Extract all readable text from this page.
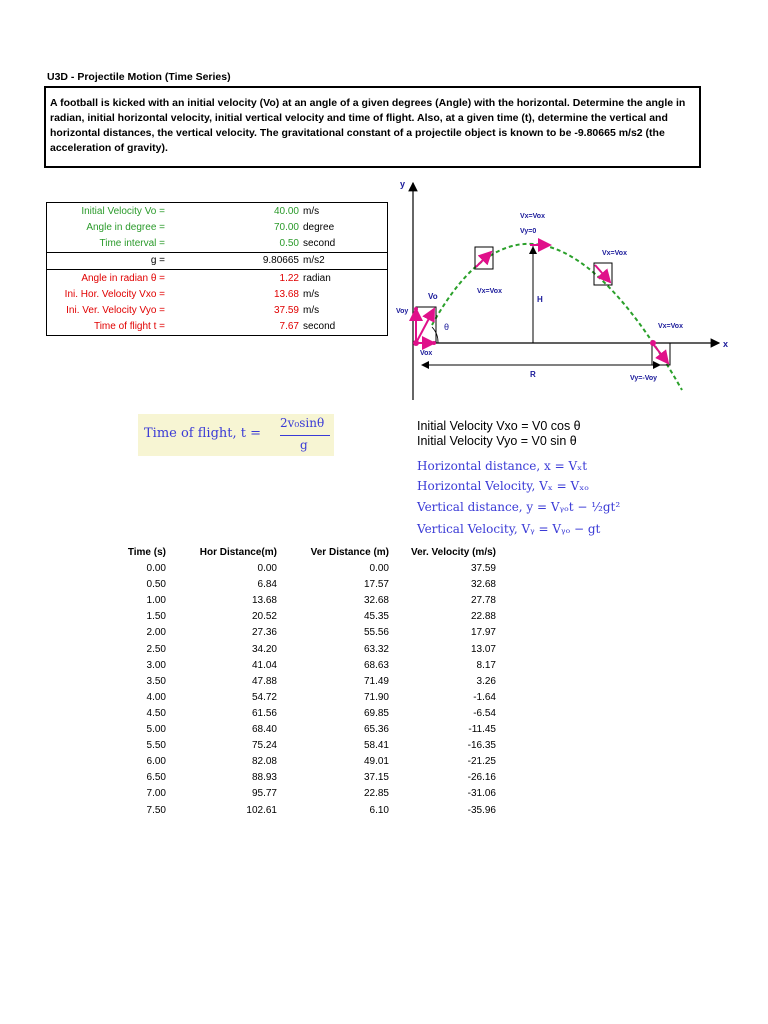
U3D - Projectile Motion (Time Series)
A football is kicked with an initial velocity (Vo) at an angle of a given degrees (Angle) with the horizontal. Determine the angle in radian, initial horizontal velocity, initial vertical velocity and time of flight. Also, at a given time (t), determine the vertical and horizontal distances, the vertical velocity. The gravitational constant of a projectile object is known to be -9.80665 m/s2 (the acceleration of gravity).
Initial Velocity Vo =	40.00 m/s
Angle in degree =	70.00 degree
Time interval =	0.50 second
g =	9.80665 m/s2
Angle in radian θ =	1.22 radian
Ini. Hor. Velocity Vxo =	13.68 m/s
Ini. Ver. Velocity Vyo =	37.59 m/s
Time of flight t =	7.67 second
y
x
H
R
Vo
Voy
Vox
θ
Vx=Vox
Vx=Vox
Vy=0
Vx=Vox
Vx=Vox
Vy=-Voy
Time of flight, t =
2v₀sinθ
g
Initial Velocity Vxo = V0 cos θ
Initial Velocity Vyo = V0 sin θ
Horizontal distance, x = Vₓt
Horizontal Velocity, Vₓ = Vₓₒ
Vertical distance, y = Vᵧₒt − ½gt²
Vertical Velocity, Vᵧ = Vᵧₒ − gt
Time (s)	Hor Distance(m)	Ver Distance (m) Ver. Velocity (m/s)
0.00	0.00	0.00	37.59
0.50	6.84	17.57	32.68
1.00	13.68	32.68	27.78
1.50	20.52	45.35	22.88
2.00	27.36	55.56	17.97
2.50	34.20	63.32	13.07
3.00	41.04	68.63	8.17
3.50	47.88	71.49	3.26
4.00	54.72	71.90	-1.64
4.50	61.56	69.85	-6.54
5.00	68.40	65.36	-11.45
5.50	75.24	58.41	-16.35
6.00	82.08	49.01	-21.25
6.50	88.93	37.15	-26.16
7.00	95.77	22.85	-31.06
7.50	102.61	6.10	-35.96
